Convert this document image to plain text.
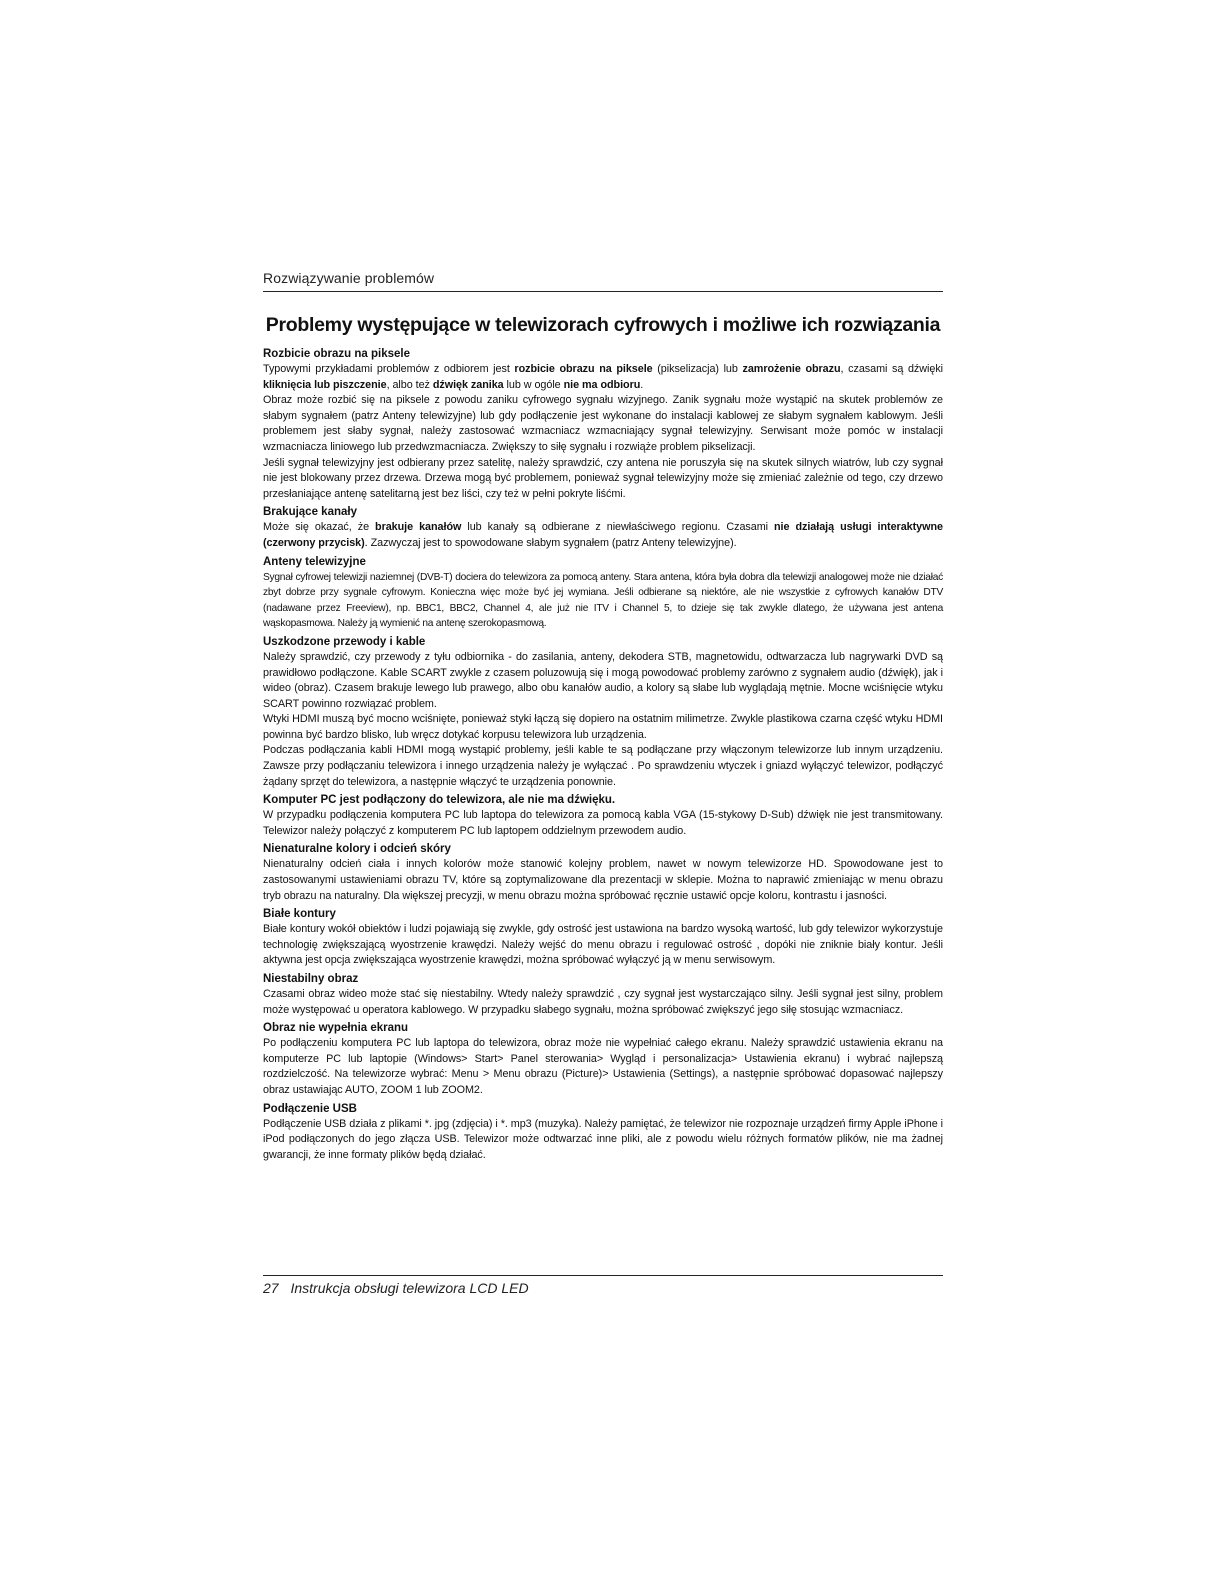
Rozwiązywanie problemów
Problemy występujące w telewizorach cyfrowych i możliwe ich rozwiązania
Rozbicie obrazu na piksele

Typowymi przykładami problemów z odbiorem jest rozbicie obrazu na piksele (pikselizacja) lub zamrożenie obrazu, czasami są dźwięki kliknięcia lub piszczenie, albo też dźwięk zanika lub w ogóle nie ma odbioru.

Obraz może rozbić się na piksele z powodu zaniku cyfrowego sygnału wizyjnego. Zanik sygnału może wystąpić na skutek problemów ze słabym sygnałem (patrz Anteny telewizyjne) lub gdy podłączenie jest wykonane do instalacji kablowej ze słabym sygnałem kablowym. Jeśli problemem jest słaby sygnał, należy zastosować wzmacniacz wzmacniający sygnał telewizyjny. Serwisant może pomóc w instalacji wzmacniacza liniowego lub przedwzmacniacza. Zwiększy to siłę sygnału i rozwiąże problem pikselizacji.

Jeśli sygnał telewizyjny jest odbierany przez satelitę, należy sprawdzić, czy antena nie poruszyła się na skutek silnych wiatrów, lub czy sygnał nie jest blokowany przez drzewa. Drzewa mogą być problemem, ponieważ sygnał telewizyjny może się zmieniać zależnie od tego, czy drzewo przesłaniające antenę satelitarną jest bez liści, czy też w pełni pokryte liśćmi.

Brakujące kanały

Może się okazać, że brakuje kanałów lub kanały są odbierane z niewłaściwego regionu. Czasami nie działają usługi interaktywne (czerwony przycisk). Zazwyczaj jest to spowodowane słabym sygnałem (patrz Anteny telewizyjne).

Anteny telewizyjne

Sygnał cyfrowej telewizji naziemnej (DVB-T) dociera do telewizora za pomocą anteny. Stara antena, która była dobra dla telewizji analogowej może nie działać zbyt dobrze przy sygnale cyfrowym. Konieczna więc może być jej wymiana. Jeśli odbierane są niektóre, ale nie wszystkie z cyfrowych kanałów DTV (nadawane przez Freeview), np. BBC1, BBC2, Channel 4, ale już nie ITV i Channel 5, to dzieje się tak zwykle dlatego, że używana jest antena wąskopasmowa. Należy ją wymienić na antenę szerokopasmową.

Uszkodzone przewody i kable

Należy sprawdzić, czy przewody z tyłu odbiornika - do zasilania, anteny, dekodera STB, magnetowidu, odtwarzacza lub nagrywarki DVD są prawidłowo podłączone. Kable SCART zwykle z czasem poluzowują się i mogą powodować problemy zarówno z sygnałem audio (dźwięk), jak i wideo (obraz). Czasem brakuje lewego lub prawego, albo obu kanałów audio, a kolory są słabe lub wyglądają mętnie. Mocne wciśnięcie wtyku SCART powinno rozwiązać problem.

Wtyki HDMI muszą być mocno wciśnięte, ponieważ styki łączą się dopiero na ostatnim milimetrze. Zwykle plastikowa czarna część wtyku HDMI powinna być bardzo blisko, lub wręcz dotykać korpusu telewizora lub urządzenia.

Podczas podłączania kabli HDMI mogą wystąpić problemy, jeśli kable te są podłączane przy włączonym telewizorze lub innym urządzeniu. Zawsze przy podłączaniu telewizora i innego urządzenia należy je wyłączać . Po sprawdzeniu wtyczek i gniazd wyłączyć telewizor, podłączyć żądany sprzęt do telewizora, a następnie włączyć te urządzenia ponownie.

Komputer PC jest podłączony do telewizora, ale nie ma dźwięku.

W przypadku podłączenia komputera PC lub laptopa do telewizora za pomocą kabla VGA (15-stykowy D-Sub) dźwięk nie jest transmitowany. Telewizor należy połączyć z komputerem PC lub laptopem oddzielnym przewodem audio.

Nienaturalne kolory i odcień skóry

Nienaturalny odcień ciała i innych kolorów może stanowić kolejny problem, nawet w nowym telewizorze HD. Spowodowane jest to zastosowanymi ustawieniami obrazu TV, które są zoptymalizowane dla prezentacji w sklepie. Można to naprawić zmieniając w menu obrazu tryb obrazu na naturalny. Dla większej precyzji, w menu obrazu można spróbować ręcznie ustawić opcje koloru, kontrastu i jasności.

Białe kontury

Białe kontury wokół obiektów i ludzi pojawiają się zwykle, gdy ostrość jest ustawiona na bardzo wysoką wartość, lub gdy telewizor wykorzystuje technologię zwiększającą wyostrzenie krawędzi. Należy wejść do menu obrazu i regulować ostrość , dopóki nie zniknie biały kontur. Jeśli aktywna jest opcja zwiększająca wyostrzenie krawędzi, można spróbować wyłączyć ją w menu serwisowym.

Niestabilny obraz

Czasami obraz wideo może stać się niestabilny. Wtedy należy sprawdzić , czy sygnał jest wystarczająco silny. Jeśli sygnał jest silny, problem może występować u operatora kablowego. W przypadku słabego sygnału, można spróbować zwiększyć jego siłę stosując wzmacniacz.

Obraz nie wypełnia ekranu

Po podłączeniu komputera PC lub laptopa do telewizora, obraz może nie wypełniać całego ekranu. Należy sprawdzić ustawienia ekranu na komputerze PC lub laptopie (Windows> Start> Panel sterowania> Wygląd i personalizacja> Ustawienia ekranu) i wybrać najlepszą rozdzielczość. Na telewizorze wybrać: Menu > Menu obrazu (Picture)> Ustawienia (Settings), a następnie spróbować dopasować najlepszy obraz ustawiając AUTO, ZOOM 1 lub ZOOM2.

Podłączenie USB

Podłączenie USB działa z plikami *. jpg (zdjęcia) i *. mp3 (muzyka). Należy pamiętać, że telewizor nie rozpoznaje urządzeń firmy Apple iPhone i iPod podłączonych do jego złącza USB. Telewizor może odtwarzać inne pliki, ale z powodu wielu różnych formatów plików, nie ma żadnej gwarancji, że inne formaty plików będą działać.

27 Instrukcja obsługi telewizora LCD LED
